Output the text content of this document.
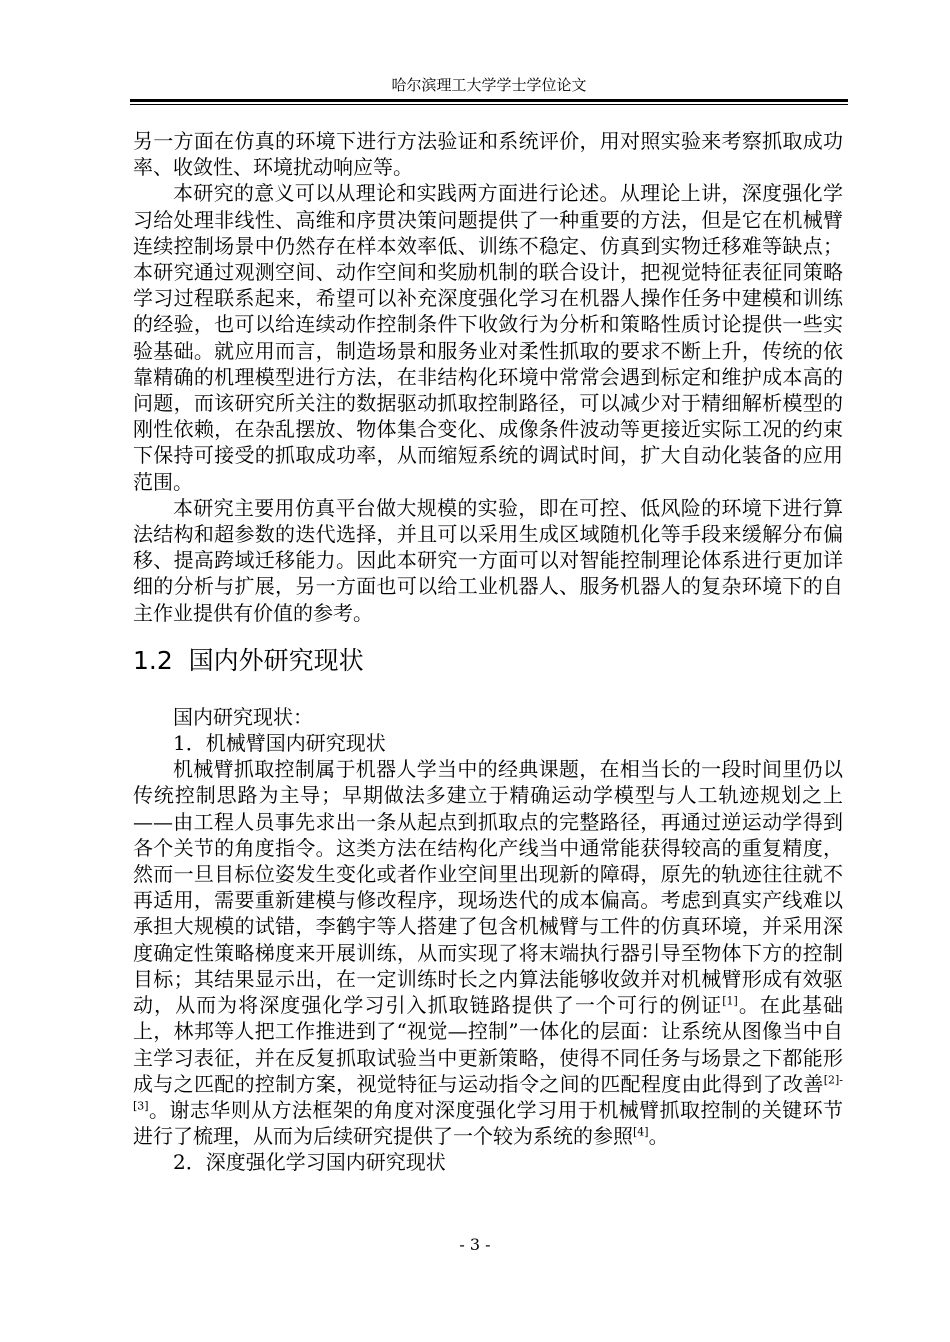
哈尔滨理工大学学士学位论文

另一方面在仿真的环境下进行方法验证和系统评价，用对照实验来考察抓取成功率、收敛性、环境扰动响应等。

本研究的意义可以从理论和实践两方面进行论述。从理论上讲，深度强化学习给处理非线性、高维和序贯决策问题提供了一种重要的方法，但是它在机械臂连续控制场景中仍然存在样本效率低、训练不稳定、仿真到实物迁移难等缺点；本研究通过观测空间、动作空间和奖励机制的联合设计，把视觉特征表征同策略学习过程联系起来，希望可以补充深度强化学习在机器人操作任务中建模和训练的经验，也可以给连续动作控制条件下收敛行为分析和策略性质讨论提供一些实验基础。就应用而言，制造场景和服务业对柔性抓取的要求不断上升，传统的依靠精确的机理模型进行方法，在非结构化环境中常常会遇到标定和维护成本高的问题，而该研究所关注的数据驱动抓取控制路径，可以减少对于精细解析模型的刚性依赖，在杂乱摆放、物体集合变化、成像条件波动等更接近实际工况的约束下保持可接受的抓取成功率，从而缩短系统的调试时间，扩大自动化装备的应用范围。

本研究主要用仿真平台做大规模的实验，即在可控、低风险的环境下进行算法结构和超参数的迭代选择，并且可以采用生成区域随机化等手段来缓解分布偏移、提高跨域迁移能力。因此本研究一方面可以对智能控制理论体系进行更加详细的分析与扩展，另一方面也可以给工业机器人、服务机器人的复杂环境下的自主作业提供有价值的参考。

1.2 国内外研究现状

国内研究现状：

1．机械臂国内研究现状

机械臂抓取控制属于机器人学当中的经典课题，在相当长的一段时间里仍以传统控制思路为主导；早期做法多建立于精确运动学模型与人工轨迹规划之上——由工程人员事先求出一条从起点到抓取点的完整路径，再通过逆运动学得到各个关节的角度指令。这类方法在结构化产线当中通常能获得较高的重复精度，然而一旦目标位姿发生变化或者作业空间里出现新的障碍，原先的轨迹往往就不再适用，需要重新建模与修改程序，现场迭代的成本偏高。考虑到真实产线难以承担大规模的试错，李鹤宇等人搭建了包含机械臂与工件的仿真环境，并采用深度确定性策略梯度来开展训练，从而实现了将末端执行器引导至物体下方的控制目标；其结果显示出，在一定训练时长之内算法能够收敛并对机械臂形成有效驱动，从而为将深度强化学习引入抓取链路提供了一个可行的例证[1]。在此基础上，林邦等人把工作推进到了“视觉—控制”一体化的层面：让系统从图像当中自主学习表征，并在反复抓取试验当中更新策略，使得不同任务与场景之下都能形成与之匹配的控制方案，视觉特征与运动指令之间的匹配程度由此得到了改善[2]-[3]。谢志华则从方法框架的角度对深度强化学习用于机械臂抓取控制的关键环节进行了梳理，从而为后续研究提供了一个较为系统的参照[4]。

2．深度强化学习国内研究现状

- 3 -
